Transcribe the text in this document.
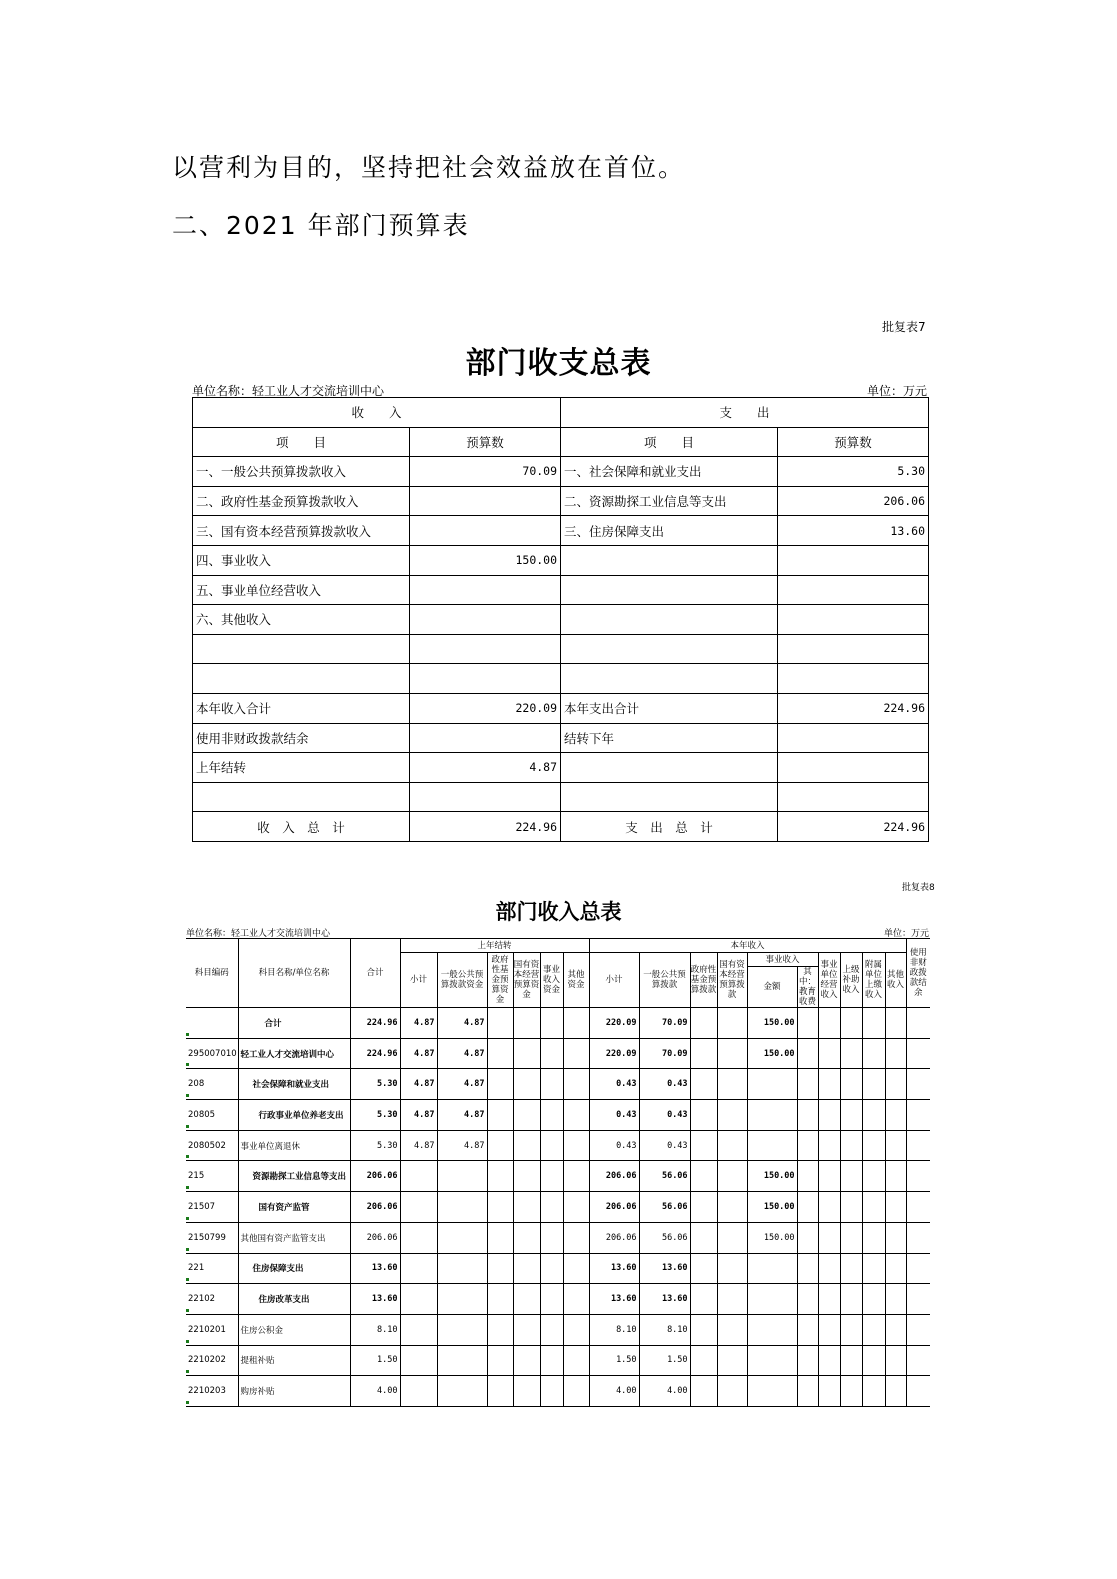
以营利为目的，坚持把社会效益放在首位。
二、2021 年部门预算表
批复表7
部门收支总表
单位名称：轻工业人才交流培训中心	单位：万元
收　　入		支　　出	
项　　目	预算数	项　　目	预算数
一、一般公共预算拨款收入	70.09	一、社会保障和就业支出	5.30
二、政府性基金预算拨款收入		二、资源勘探工业信息等支出	206.06
三、国有资本经营预算拨款收入		三、住房保障支出	13.60
四、事业收入	150.00		
五、事业单位经营收入			
六、其他收入			

本年收入合计	220.09	本年支出合计	224.96
使用非财政拨款结余		结转下年	
上年结转	4.87		

收　入　总　计	224.96	支　出　总　计	224.96
批复表8
部门收入总表
单位名称：轻工业人才交流培训中心	单位：万元
科目编码	科目名称/单位名称	合计	上年结转						本年收入										使用非财政拨款结余
			小计	一般公共预算拨款资金	政府性基金预算资金	国有资本经营预算资金	事业收入资金	其他资金	小计	一般公共预算拨款	政府性基金预算拨款	国有资本经营预算拨款	事业收入		事业单位经营收入	上级补助收入	附属单位上缴收入	其他收入	
													金额	其中：教育收费					
	合计	224.96	4.87	4.87					220.09	70.09			150.00						
295007010	轻工业人才交流培训中心	224.96	4.87	4.87					220.09	70.09			150.00						
208	社会保障和就业支出	5.30	4.87	4.87					0.43	0.43									
20805	行政事业单位养老支出	5.30	4.87	4.87					0.43	0.43									
2080502	事业单位离退休	5.30	4.87	4.87					0.43	0.43									
215	资源勘探工业信息等支出	206.06							206.06	56.06			150.00						
21507	国有资产监管	206.06							206.06	56.06			150.00						
2150799	其他国有资产监管支出	206.06							206.06	56.06			150.00						
221	住房保障支出	13.60							13.60	13.60									
22102	住房改革支出	13.60							13.60	13.60									
2210201	住房公积金	8.10							8.10	8.10									
2210202	提租补贴	1.50							1.50	1.50									
2210203	购房补贴	4.00							4.00	4.00									
